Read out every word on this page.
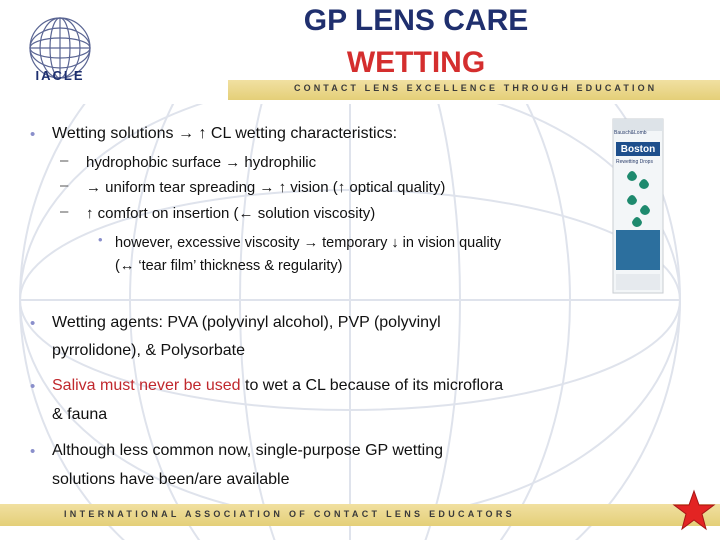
IACLE
GP LENS CARE
WETTING
CONTACT LENS EXCELLENCE THROUGH EDUCATION
Bausch&Lomb
Boston
Rewetting Drops
• Wetting solutions → ↑ CL wetting characteristics:
– hydrophobic surface → hydrophilic
– → uniform tear spreading → ↑ vision (↑ optical quality)
– ↑ comfort on insertion (← solution viscosity)
• however, excessive viscosity → temporary ↓ in vision quality
(↔ ‘tear film’ thickness & regularity)
• Wetting agents: PVA (polyvinyl alcohol), PVP (polyvinyl
pyrrolidone), & Polysorbate
• Saliva must never be used to wet a CL because of its microflora
& fauna
• Although less common now, single-purpose GP wetting
solutions have been/are available
INTERNATIONAL ASSOCIATION OF CONTACT LENS EDUCATORS
